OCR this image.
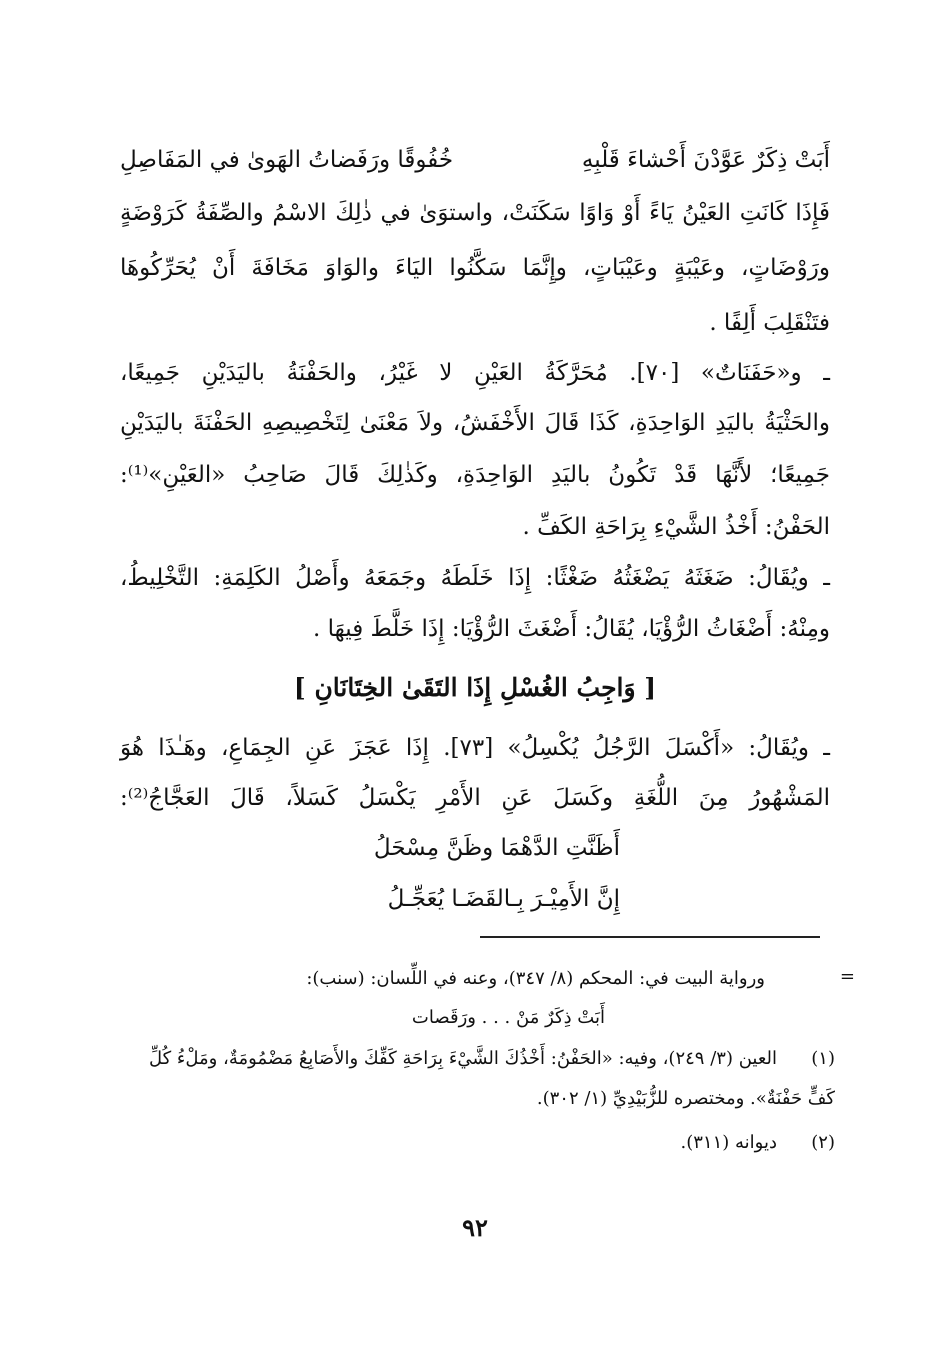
أَبَتْ ذِكَرٌ عَوَّدْنَ أَحْشاءَ قَلْبِهِ
خُفُوقًا ورَفَضاتُ الهَوىٰ في المَفَاصِلِ
فَإِذَا كَانَتِ العَيْنُ يَاءً أَوْ وَاوًا سَكَنَتْ، واستوَىٰ في ذٰلِكَ الاسْمُ والصِّفَةُ كَرَوْضَةٍ
ورَوْضَاتٍ، وعَيْبَةٍ وعَيْبَاتٍ، وإِنَّمَا سَكَّنُوا اليَاءَ والوَاوَ مَخَافَةَ أَنْ يُحَرِّكُوهَا
فتَنْقَلِبَ أَلِفًا .
ـ و«حَفَنَاتٌ» [٧٠]. مُحَرَّكَةُ العَيْنِ لا غَيْرُ، والحَفْنَةُ باليَدَيْنِ جَمِيعًا،
والحَثْيَةُ باليَدِ الوَاحِدَةِ، كَذَا قَالَ الأَخْفَشُ، ولاَ مَعْنَىٰ لِتَخْصِيصِهِ الحَفْنَةَ باليَدَيْنِ
جَمِيعًا؛ لأَنَّهَا قَدْ تَكُونُ باليَدِ الوَاحِدَةِ، وكَذٰلِكَ قَالَ صَاحِبُ «العَيْنِ»⁽¹⁾:
الحَفْنُ: أَخْذُ الشَّيْءِ بِرَاحَةِ الكَفِّ .
ـ ويُقَالُ: ضَغَثَهُ يَضْغَثُهُ ضَغْثًا: إِذَا خَلَطَهُ وجَمَعَهُ وأَصْلُ الكَلِمَةِ: التَّخْلِيطُ،
ومِنْهُ: أَضْغَاثُ الرُّؤْيَا، يُقَالُ: أَضْغَثَ الرُّؤْيَا: إِذَا خَلَّطَ فِيهَا .
[ وَاجِبُ الغُسْلِ إِذَا التَقَىٰ الخِتَانَانِ ]
ـ ويُقَالُ: «أَكْسَلَ الرَّجُلُ يُكْسِلُ» [٧٣]. إِذَا عَجَزَ عَنِ الجِمَاعِ، وهَـٰذَا هُوَ
المَشْهُورُ مِنَ اللُّغَةِ وكَسَلَ عَنِ الأَمْرِ يَكْسَلُ كَسَلاً، قَالَ العَجَّاجُ⁽²⁾:
أَظَنَّتِ الدَّهْمَا وظَنَّ مِسْحَلُ
إِنَّ الأَمِيْـرَ بِـالقَضَـا يُعَجِّـلُ
=
ورواية البيت في: المحكم (٨/ ٣٤٧)، وعنه في اللِّسان: (سنب):
أَبَتْ ذِكَرٌ مَنْ . . . ورَقَصات
(١)العين (٣/ ٢٤٩)، وفيه: «الحَفْنُ: أَخْذُكَ الشَّيْءَ بِرَاحَةِ كَفِّكَ والأَصَابِعُ مَضْمُومَةٌ، ومَلْءُ كُلِّ
كَفٍّ حَفْنَةٌ». ومختصره للزُّبَيْدِيِّ (١/ ٣٠٢).
(٢)ديوانه (٣١١).
٩٢
